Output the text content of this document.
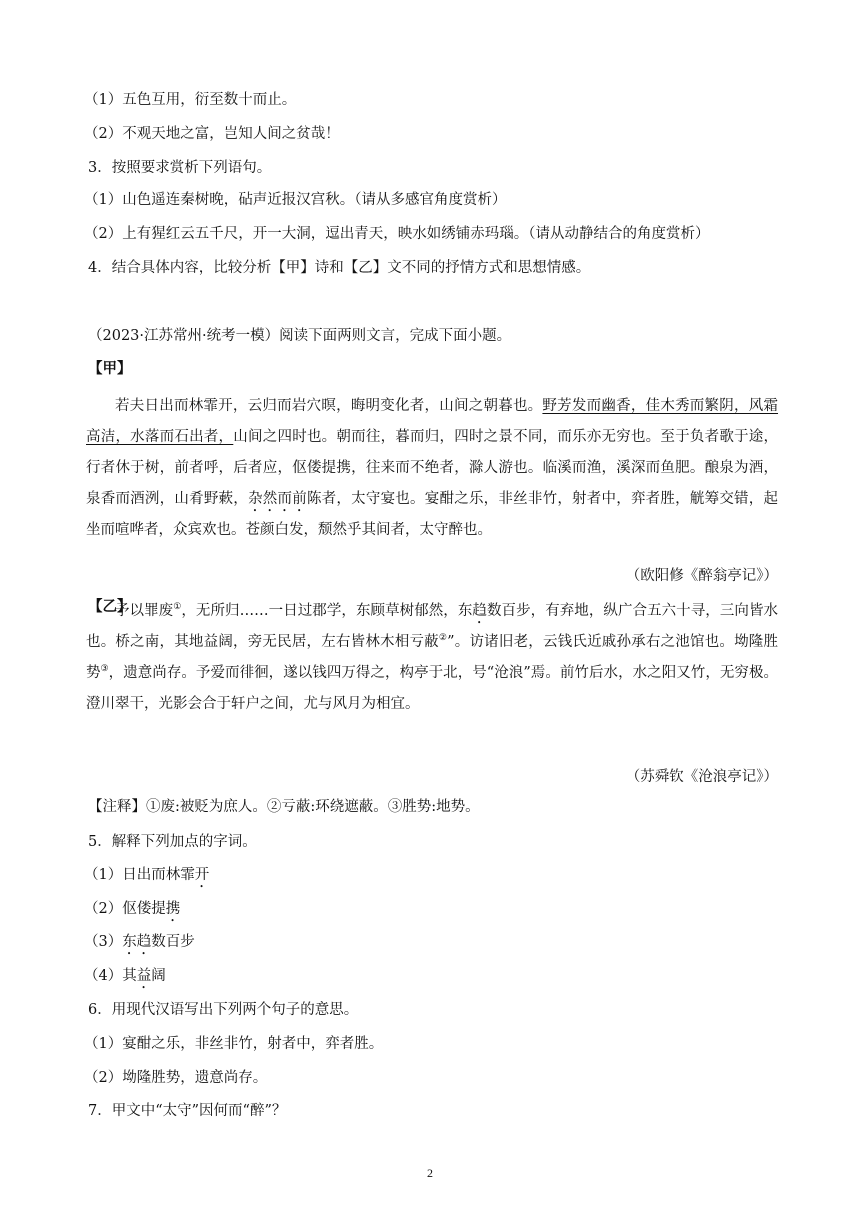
（1）五色互用，衍至数十而止。
（2）不观天地之富，岂知人间之贫哉！
3．按照要求赏析下列语句。
（1）山色遥连秦树晚，砧声近报汉宫秋。（请从多感官角度赏析）
（2）上有猩红云五千尺，开一大洞，逗出青天，映水如绣铺赤玛瑙。（请从动静结合的角度赏析）
4．结合具体内容，比较分析【甲】诗和【乙】文不同的抒情方式和思想情感。
（2023·江苏常州·统考一模）阅读下面两则文言，完成下面小题。
【甲】
若夫日出而林霏开，云归而岩穴暝，晦明变化者，山间之朝暮也。野芳发而幽香，佳木秀而繁阴，风霜高洁，水落而石出者，山间之四时也。朝而往，暮而归，四时之景不同，而乐亦无穷也。至于负者歌于途，行者休于树，前者呼，后者应，伛偻提携，往来而不绝者，滁人游也。临溪而渔，溪深而鱼肥。酿泉为酒，泉香而酒洌，山肴野蔌，杂然而前陈者，太守宴也。宴酣之乐，非丝非竹，射者中，弈者胜，觥筹交错，起坐而喧哗者，众宾欢也。苍颜白发，颓然乎其间者，太守醉也。
（欧阳修《醉翁亭记》）
【乙】
予以罪废①，无所归……一日过郡学，东顾草树郁然，东趋数百步，有弃地，纵广合五六十寻，三向皆水也。桥之南，其地益阔，旁无民居，左右皆林木相亏蔽②”。访诸旧老，云钱氏近戚孙承右之池馆也。坳隆胜势③，遗意尚存。予爱而徘徊，遂以钱四万得之，构亭于北，号“沧浪”焉。前竹后水，水之阳又竹，无穷极。澄川翠干，光影会合于轩户之间，尤与风月为相宜。
（苏舜钦《沧浪亭记》）
【注释】①废:被贬为庶人。②亏蔽:环绕遮蔽。③胜势:地势。
5．解释下列加点的字词。
（1）日出而林霏开
（2）伛偻提携
（3）东趋数百步
（4）其益阔
6．用现代汉语写出下列两个句子的意思。
（1）宴酣之乐，非丝非竹，射者中，弈者胜。
（2）坳隆胜势，遗意尚存。
7．甲文中“太守”因何而“醉”？
2
